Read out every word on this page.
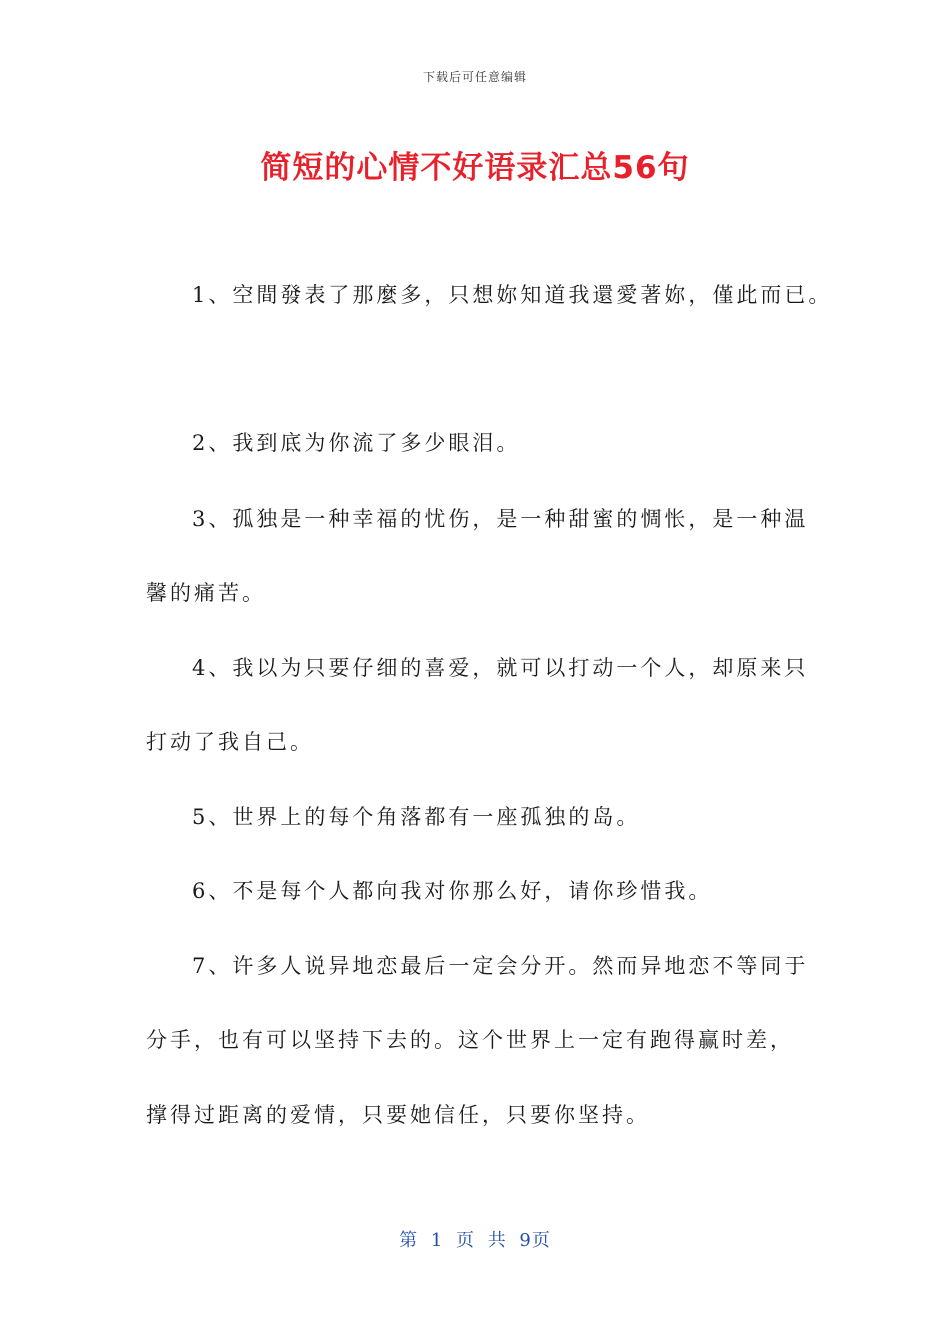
下载后可任意编辑
简短的心情不好语录汇总56句
1、空間發表了那麼多，只想妳知道我還愛著妳，僅此而已。
2、我到底为你流了多少眼泪。
3、孤独是一种幸福的忧伤，是一种甜蜜的惆怅，是一种温
馨的痛苦。
4、我以为只要仔细的喜爱，就可以打动一个人，却原来只
打动了我自己。
5、世界上的每个角落都有一座孤独的岛。
6、不是每个人都向我对你那么好，请你珍惜我。
7、许多人说异地恋最后一定会分开。然而异地恋不等同于
分手，也有可以坚持下去的。这个世界上一定有跑得赢时差，
撑得过距离的爱情，只要她信任，只要你坚持。
第 1 页 共 9页
